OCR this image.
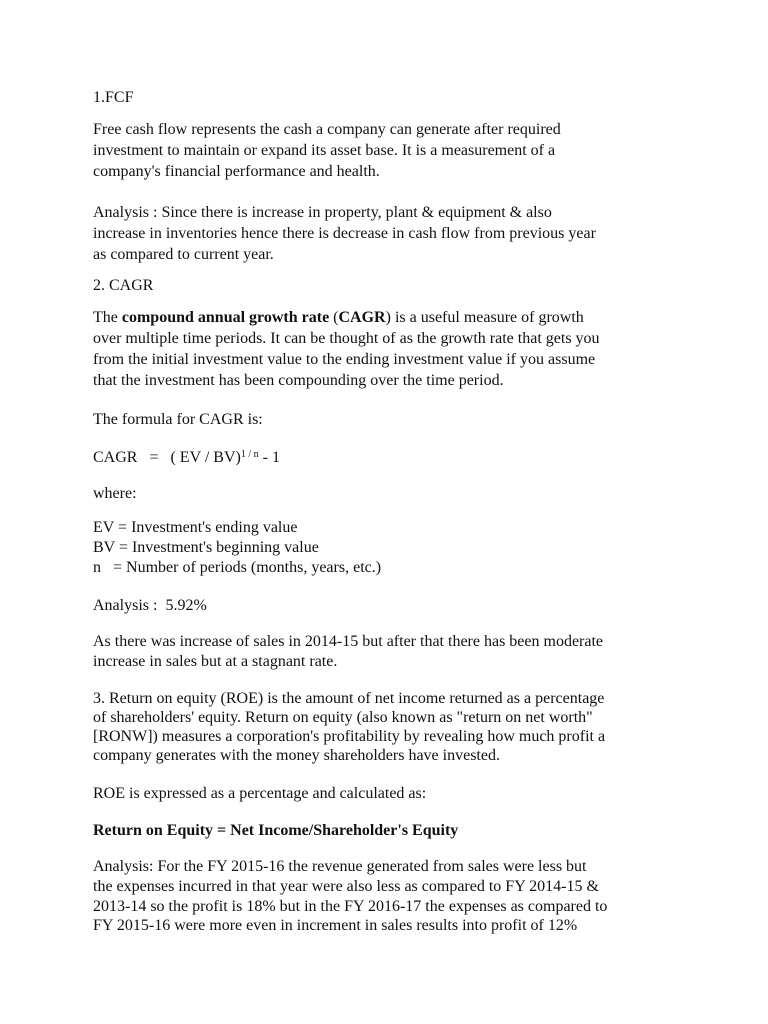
1.FCF

Free cash flow represents the cash a company can generate after required

investment to maintain or expand its asset base. It is a measurement of a

company's financial performance and health.

Analysis : Since there is increase in property, plant & equipment & also

increase in inventories hence there is decrease in cash flow from previous year

as compared to current year.

2. CAGR

The compound annual growth rate (CAGR) is a useful measure of growth

over multiple time periods. It can be thought of as the growth rate that gets you

from the initial investment value to the ending investment value if you assume

that the investment has been compounding over the time period.

The formula for CAGR is:

CAGR   =   ( EV / BV)$^{1 / n}$ - 1

where:

EV = Investment's ending value

BV = Investment's beginning value

n   = Number of periods (months, years, etc.)

Analysis :  5.92%

As there was increase of sales in 2014-15 but after that there has been moderate

increase in sales but at a stagnant rate.

3. Return on equity (ROE) is the amount of net income returned as a percentage

of shareholders' equity. Return on equity (also known as "return on net worth"

[RONW]) measures a corporation's profitability by revealing how much profit a

company generates with the money shareholders have invested.

ROE is expressed as a percentage and calculated as:

Return on Equity = Net Income/Shareholder's Equity

Analysis: For the FY 2015-16 the revenue generated from sales were less but

the expenses incurred in that year were also less as compared to FY 2014-15 &

2013-14 so the profit is 18% but in the FY 2016-17 the expenses as compared to

FY 2015-16 were more even in increment in sales results into profit of 12%
